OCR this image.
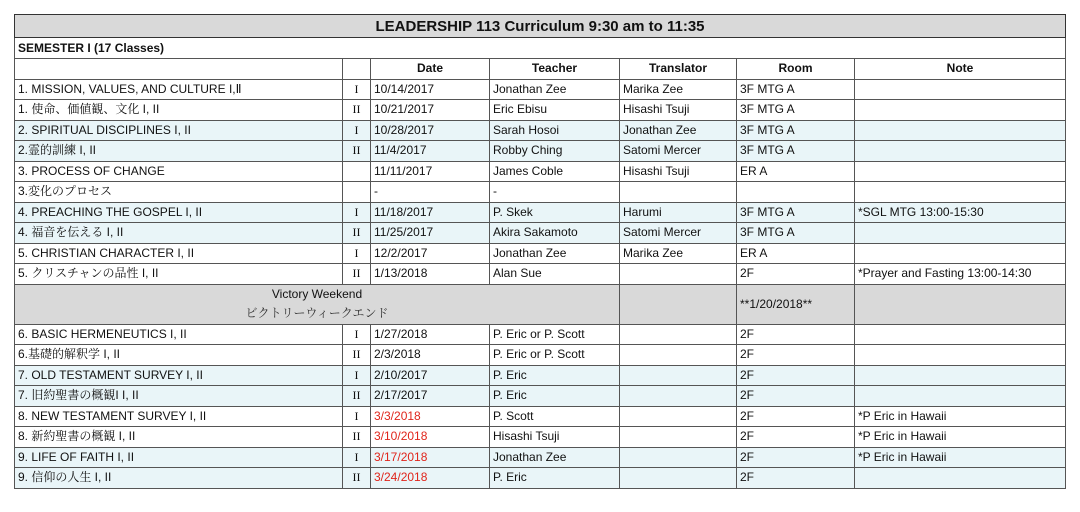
LEADERSHIP 113 Curriculum 9:30 am to 11:35						
SEMESTER I (17 Classes)						
		Date	Teacher	Translator	Room	Note
1. MISSION, VALUES, AND CULTURE I,Ⅱ	I	10/14/2017	Jonathan Zee	Marika Zee	3F MTG A	
1. 使命、価値観、文化 I, II	II	10/21/2017	Eric Ebisu	Hisashi Tsuji	3F MTG A	
2. SPIRITUAL DISCIPLINES I, II	I	10/28/2017	Sarah Hosoi	Jonathan Zee	3F MTG A	
2.霊的訓練 I, II	II	11/4/2017	Robby Ching	Satomi Mercer	3F MTG A	
3. PROCESS OF CHANGE		11/11/2017	James Coble	Hisashi Tsuji	ER A	
3.変化のプロセス		-	-			
4. PREACHING THE GOSPEL I, II	I	11/18/2017	P. Skek	Harumi	3F MTG A	*SGL MTG 13:00-15:30
4. 福音を伝える I, II	II	11/25/2017	Akira Sakamoto	Satomi Mercer	3F MTG A	
5. CHRISTIAN CHARACTER I, II	I	12/2/2017	Jonathan Zee	Marika Zee	ER A	
5. クリスチャンの品性 I, II	II	1/13/2018	Alan Sue		2F	*Prayer and Fasting 13:00-14:30

Victory Weekend
ビクトリーウィークエンド					**1/20/2018**	
6. BASIC HERMENEUTICS I, II	I	1/27/2018	P. Eric or P. Scott		2F	
6.基礎的解釈学 I, II	II	2/3/2018	P. Eric or P. Scott		2F	
7. OLD TESTAMENT SURVEY I, II	I	2/10/2017	P. Eric		2F	
7. 旧約聖書の概観I I, II	II	2/17/2017	P. Eric		2F	
8. NEW TESTAMENT SURVEY I, II	I	3/3/2018	P. Scott		2F	*P Eric in Hawaii
8. 新約聖書の概観 I, II	II	3/10/2018	Hisashi Tsuji		2F	*P Eric in Hawaii
9. LIFE OF FAITH I, II	I	3/17/2018	Jonathan Zee		2F	*P Eric in Hawaii
9. 信仰の人生 I, II	II	3/24/2018	P. Eric		2F	
